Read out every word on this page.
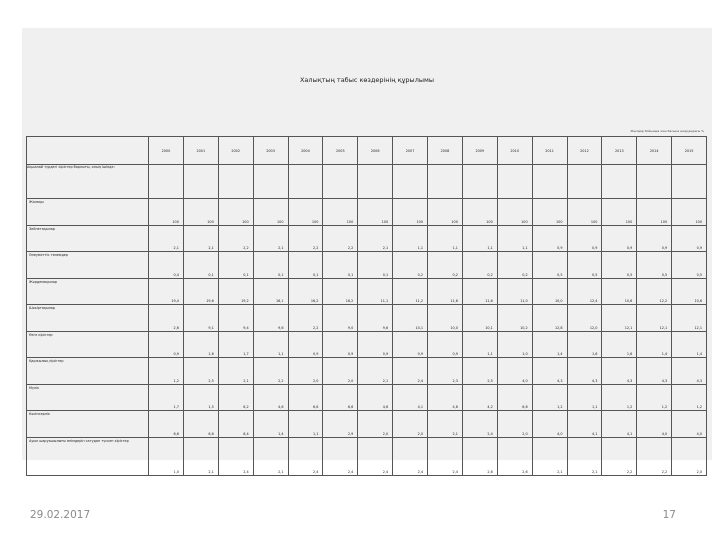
Халықтың табыс көздерінің құрылымы
Жылдар бойынша жан басына шаққандағы %
	2000	2001	2002	2003	2004	2005	2006	2007	2008	2009	2010	2011	2012	2013	2014	2015
Ақшалай түрдегі кірістер барлығы, оның ішінде:																
Жалақы	100	100	100	100	100	100	100	100	100	100	100	100	100	100	100	100
Зейнетақылар	2,1	2,1	2,2	2,1	2,2	2,2	2,1	1,1	1,1	1,1	1,1	0,9	0,9	0,9	0,9	0,9
Әлеуметтік төлемдер	0,4	0,1	0,1	0,1	0,1	0,1	0,1	0,2	0,2	0,2	0,2	0,5	0,5	0,5	0,5	0,5
Жәрдемақылар	19,4	19,6	19,2	16,1	16,2	16,2	11,1	11,2	11,6	11,6	11,0	10,0	12,4	10,6	12,2	10,6
Шәкіртақылар	2,6	9,1	9,4	9,6	2,2	9,0	9,6	10,1	10,0	10,1	10,2	12,8	12,0	12,1	12,1	12,1
Өзге кірістер	0,9	1,6	1,7	1,1	0,9	0,9	0,9	0,9	0,9	1,1	1,0	1,4	1,6	1,6	1,4	1,4
Қаржылық кірістер	1,2	2,5	2,1	2,2	2,0	2,0	2,1	2,4	2,3	2,5	4,0	4,3	4,3	4,3	4,3	4,3
Мүлік	1,7	1,5	6,2	4,6	6,6	6,6	4,6	4,1	4,6	4,2	6,6	1,2	1,1	1,2	1,2	1,2
Кәсіпкерлік	6,6	6,6	6,4	1,4	1,1	2,9	2,0	2,0	2,1	2,4	2,0	4,0	4,1	4,1	4,0	4,0
Ауыл шаруашылығы өнімдерін сатудан түскен кірістер	1,0	2,1	2,4	2,1	2,4	2,4	2,4	2,4	2,4	2,6	2,6	2,1	2,1	2,2	2,2	2,0
29.02.2017	17
